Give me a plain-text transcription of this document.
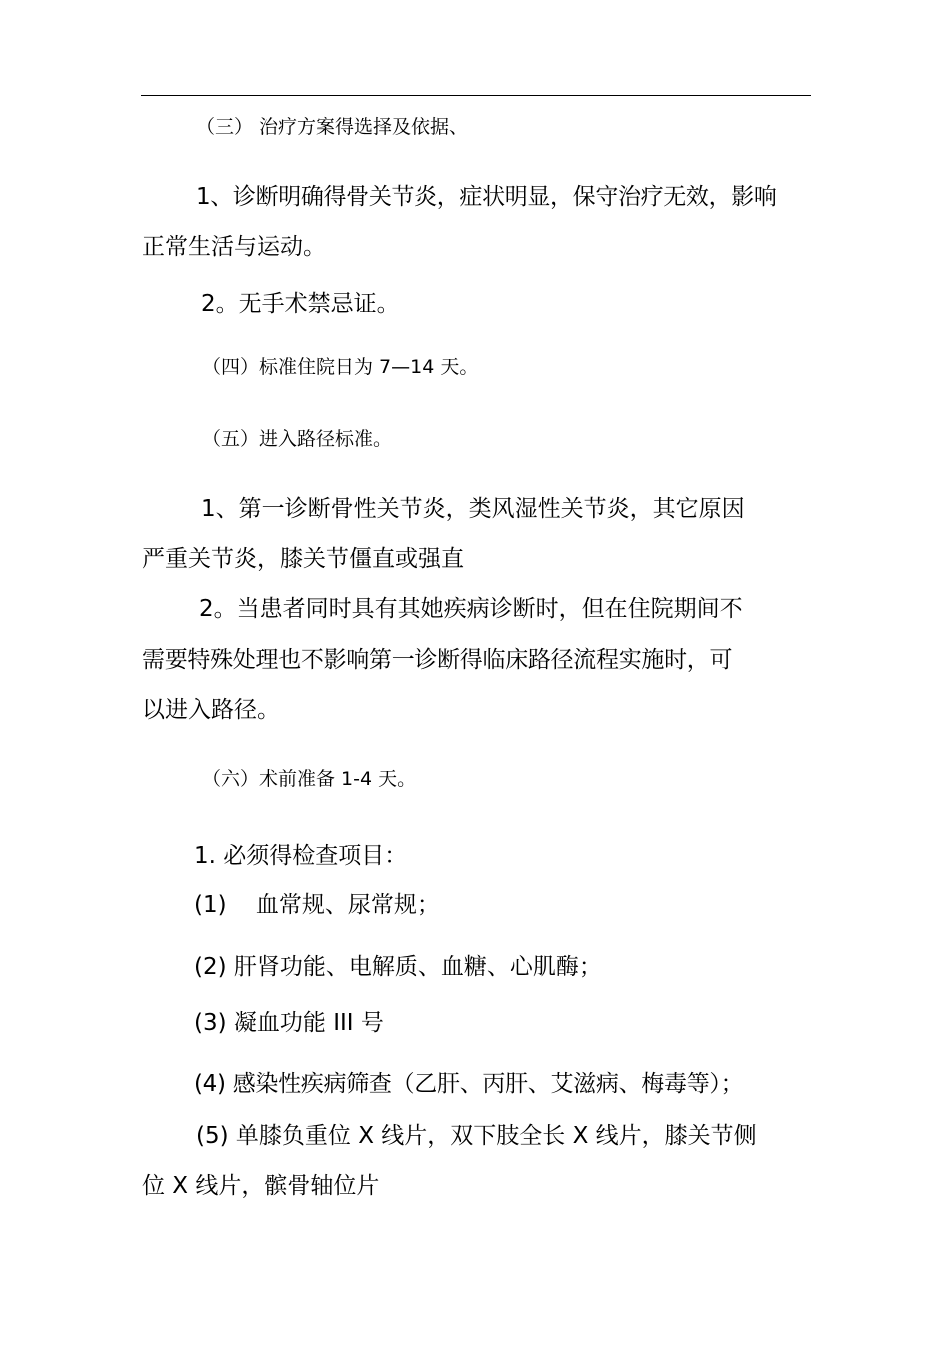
（三） 治疗方案得选择及依据、
1、诊断明确得骨关节炎，症状明显，保守治疗无效，影响
正常生活与运动。
2。无手术禁忌证。
（四）标准住院日为 7—14 天。
（五）进入路径标准。
1、第一诊断骨性关节炎，类风湿性关节炎，其它原因
严重关节炎，膝关节僵直或强直
2。当患者同时具有其她疾病诊断时，但在住院期间不
需要特殊处理也不影响第一诊断得临床路径流程实施时，可
以进入路径。
（六）术前准备 1-4 天。
1. 必须得检查项目：
(1)    血常规、尿常规；
(2) 肝肾功能、电解质、血糖、心肌酶；
(3) 凝血功能 III 号
(4) 感染性疾病筛查（乙肝、丙肝、艾滋病、梅毒等）；
(5) 单膝负重位 X 线片，双下肢全长 X 线片，膝关节侧
位 X 线片，髌骨轴位片
